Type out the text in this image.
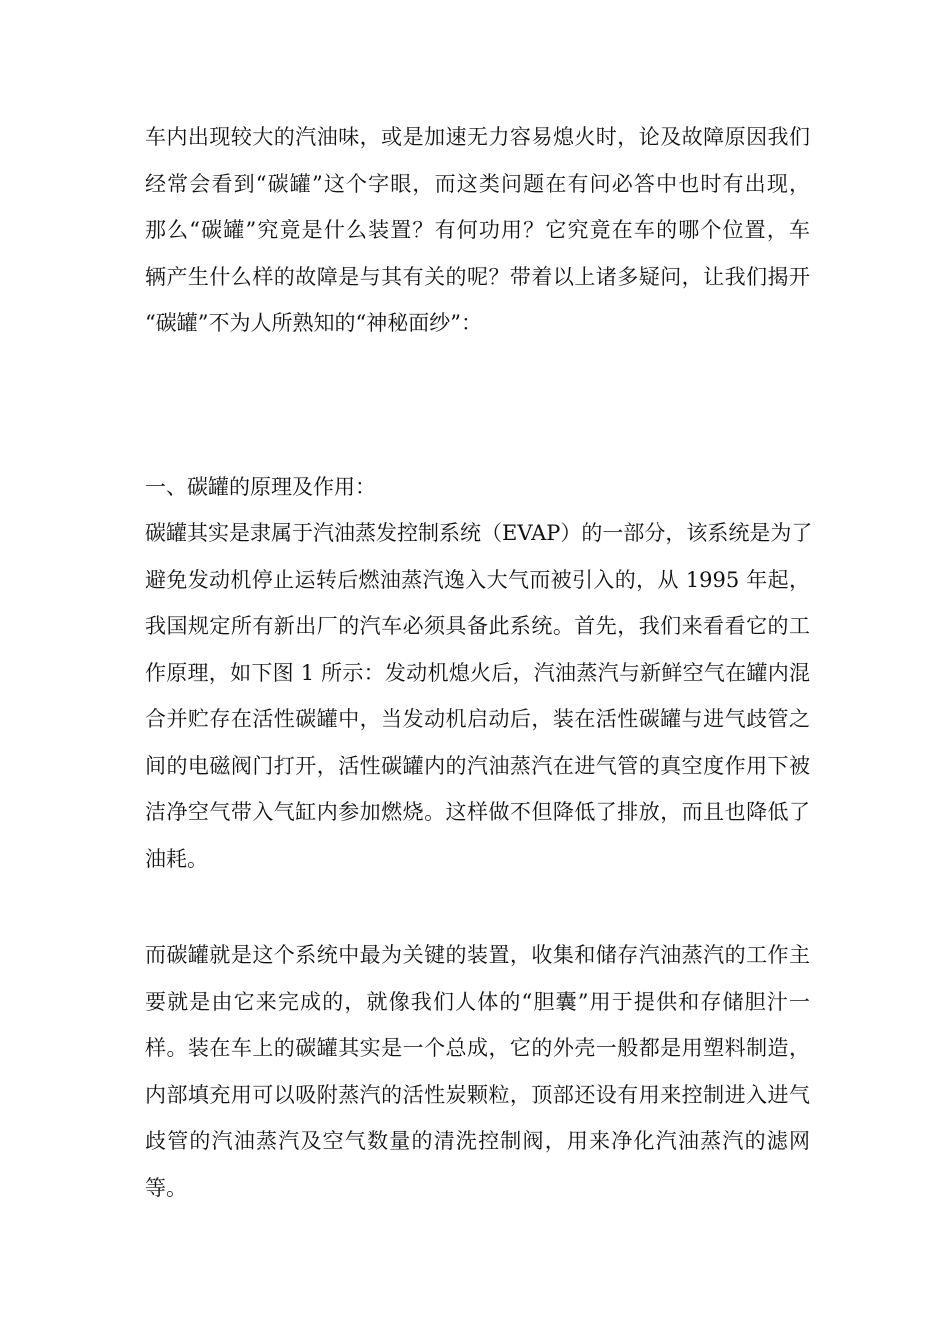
车内出现较大的汽油味，或是加速无力容易熄火时，论及故障原因我们
经常会看到“碳罐”这个字眼，而这类问题在有问必答中也时有出现，
那么“碳罐”究竟是什么装置？有何功用？它究竟在车的哪个位置，车
辆产生什么样的故障是与其有关的呢？带着以上诸多疑问，让我们揭开
“碳罐”不为人所熟知的“神秘面纱”：
一、碳罐的原理及作用：
碳罐其实是隶属于汽油蒸发控制系统（EVAP）的一部分，该系统是为了
避免发动机停止运转后燃油蒸汽逸入大气而被引入的，从 1995 年起，
我国规定所有新出厂的汽车必须具备此系统。首先，我们来看看它的工
作原理，如下图 1 所示：发动机熄火后，汽油蒸汽与新鲜空气在罐内混
合并贮存在活性碳罐中，当发动机启动后，装在活性碳罐与进气歧管之
间的电磁阀门打开，活性碳罐内的汽油蒸汽在进气管的真空度作用下被
洁净空气带入气缸内参加燃烧。这样做不但降低了排放，而且也降低了
油耗。
而碳罐就是这个系统中最为关键的装置，收集和储存汽油蒸汽的工作主
要就是由它来完成的，就像我们人体的“胆囊”用于提供和存储胆汁一
样。装在车上的碳罐其实是一个总成，它的外壳一般都是用塑料制造，
内部填充用可以吸附蒸汽的活性炭颗粒，顶部还设有用来控制进入进气
歧管的汽油蒸汽及空气数量的清洗控制阀，用来净化汽油蒸汽的滤网
等。
